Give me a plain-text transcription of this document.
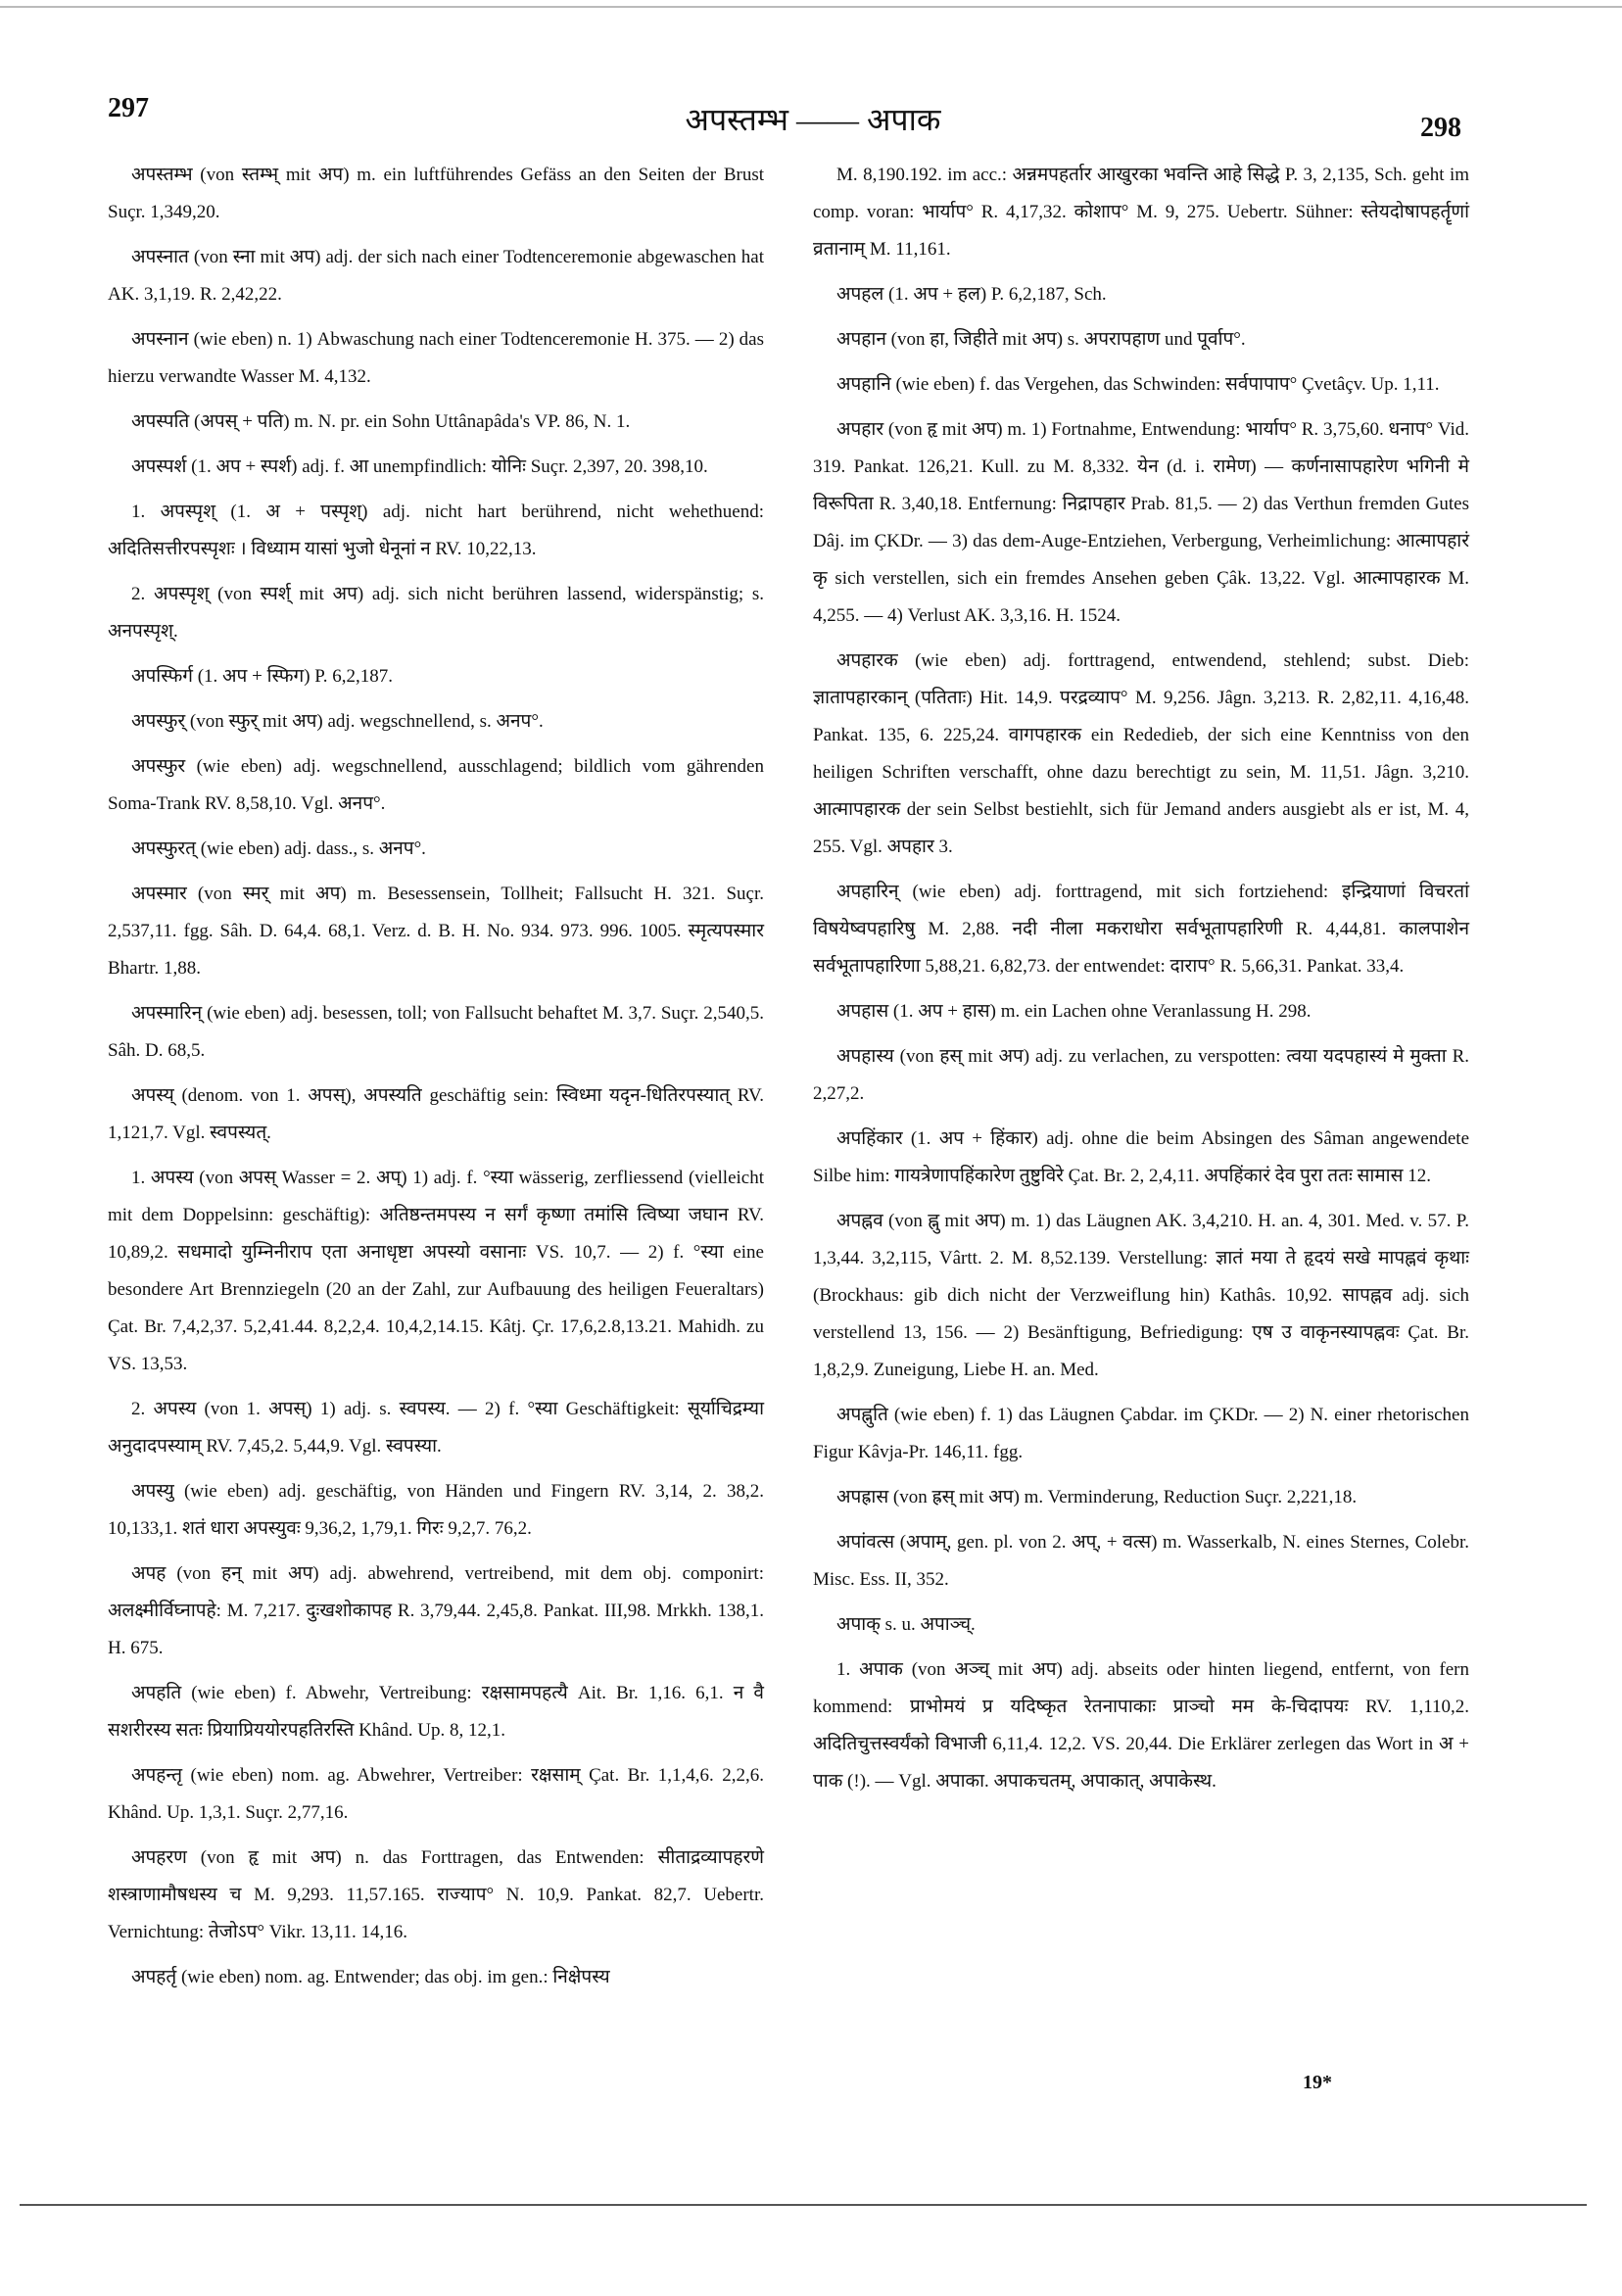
297	अपस्तम्भ —— अपाक	298

अपस्तम्भ (von स्तम्भ् mit अप) m. ein luftführendes Gefäss an den Seiten der Brust Suçr. 1,349,20.

अपस्नात (von स्ना mit अप) adj. der sich nach einer Todtenceremonie abgewaschen hat AK. 3,1,19. R. 2,42,22.

अपस्नान (wie eben) n. 1) Abwaschung nach einer Todtenceremonie H. 375. — 2) das hierzu verwandte Wasser M. 4,132.

अपस्पति (अपस् + पति) m. N. pr. ein Sohn Uttânapâda's VP. 86, N. 1.

अपस्पर्श (1. अप + स्पर्श) adj. f. आ unempfindlich: योनिः Suçr. 2,397, 20. 398,10.

1. अपस्पृश् (1. अ + पस्पृश्) adj. nicht hart berührend, nicht wehethuend: अदितिसत्तीरपस्पृशः । विध्याम यासां भुजो धेनूनां न RV. 10,22,13.

2. अपस्पृश् (von स्पर्श् mit अप) adj. sich nicht berühren lassend, widerspänstig; s. अनपस्पृश्.

अपस्फिर्ग (1. अप + स्फिग) P. 6,2,187.

अपस्फुर् (von स्फुर् mit अप) adj. wegschnellend, s. अनप°.

अपस्फुर (wie eben) adj. wegschnellend, ausschlagend; bildlich vom gährenden Soma-Trank RV. 8,58,10. Vgl. अनप°.

अपस्फुरत् (wie eben) adj. dass., s. अनप°.

अपस्मार (von स्मर् mit अप) m. Besessensein, Tollheit; Fallsucht H. 321. Suçr. 2,537,11. fgg. Sâh. D. 64,4. 68,1. Verz. d. B. H. No. 934. 973. 996. 1005. स्मृत्यपस्मार Bhartr. 1,88.

अपस्मारिन् (wie eben) adj. besessen, toll; von Fallsucht behaftet M. 3,7. Suçr. 2,540,5. Sâh. D. 68,5.

अपस्य् (denom. von 1. अपस्), अपस्यति geschäftig sein: स्विध्मा यदृन-धितिरपस्यात् RV. 1,121,7. Vgl. स्वपस्यत्.

1. अपस्य (von अपस् Wasser = 2. अप्) 1) adj. f. °स्या wässerig, zerfliessend (vielleicht mit dem Doppelsinn: geschäftig): अतिष्ठन्तमपस्य न सर्गं कृष्णा तमांसि त्विष्या जघान RV. 10,89,2. सधमादो युम्निनीराप एता अनाधृष्टा अपस्यो वसानाः VS. 10,7. — 2) f. °स्या eine besondere Art Brennziegeln (20 an der Zahl, zur Aufbauung des heiligen Feueraltars) Çat. Br. 7,4,2,37. 5,2,41.44. 8,2,2,4. 10,4,2,14.15. Kâtj. Çr. 17,6,2.8,13.21. Mahidh. zu VS. 13,53.

2. अपस्य (von 1. अपस्) 1) adj. s. स्वपस्य. — 2) f. °स्या Geschäftigkeit: सूर्याचिद्रम्या अनुदादपस्याम् RV. 7,45,2. 5,44,9. Vgl. स्वपस्या.

अपस्यु (wie eben) adj. geschäftig, von Händen und Fingern RV. 3,14, 2. 38,2. 10,133,1. शतं धारा अपस्युवः 9,36,2, 1,79,1. गिरः 9,2,7. 76,2.

अपह (von हन् mit अप) adj. abwehrend, vertreibend, mit dem obj. componirt: अलक्ष्मीर्विघ्नापहे: M. 7,217. दुःखशोकापह R. 3,79,44. 2,45,8. Pankat. III,98. Mrkkh. 138,1. H. 675.

अपहति (wie eben) f. Abwehr, Vertreibung: रक्षसामपहत्यै Ait. Br. 1,16. 6,1. न वै सशरीरस्य सतः प्रियाप्रिययोरपहतिरस्ति Khând. Up. 8, 12,1.

अपहन्तृ (wie eben) nom. ag. Abwehrer, Vertreiber: रक्षसाम् Çat. Br. 1,1,4,6. 2,2,6. Khând. Up. 1,3,1. Suçr. 2,77,16.

अपहरण (von हृ mit अप) n. das Forttragen, das Entwenden: सीताद्रव्यापहरणे शस्त्राणामौषधस्य च M. 9,293. 11,57.165. राज्याप° N. 10,9. Pankat. 82,7. Uebertr. Vernichtung: तेजोऽप° Vikr. 13,11. 14,16.

अपहर्तृ (wie eben) nom. ag. Entwender; das obj. im gen.: निक्षेपस्य

M. 8,190.192. im acc.: अन्नमपहर्तार आखुरका भवन्ति आहे सिद्धे P. 3, 2,135, Sch. geht im comp. voran: भार्याप° R. 4,17,32. कोशाप° M. 9, 275. Uebertr. Sühner: स्तेयदोषापहर्तॄणां व्रतानाम् M. 11,161.

अपहल (1. अप + हल) P. 6,2,187, Sch.

अपहान (von हा, जिहीते mit अप) s. अपरापहाण und पूर्वाप°.

अपहानि (wie eben) f. das Vergehen, das Schwinden: सर्वपापाप° Çvetâçv. Up. 1,11.

अपहार (von हृ mit अप) m. 1) Fortnahme, Entwendung: भार्याप° R. 3,75,60. धनाप° Vid. 319. Pankat. 126,21. Kull. zu M. 8,332. येन (d. i. रामेण) — कर्णनासापहारेण भगिनी मे विरूपिता R. 3,40,18. Entfernung: निद्रापहार Prab. 81,5. — 2) das Verthun fremden Gutes Dâj. im ÇKDr. — 3) das dem-Auge-Entziehen, Verbergung, Verheimlichung: आत्मापहारं कृ sich verstellen, sich ein fremdes Ansehen geben Çâk. 13,22. Vgl. आत्मापहारक M. 4,255. — 4) Verlust AK. 3,3,16. H. 1524.

अपहारक (wie eben) adj. forttragend, entwendend, stehlend; subst. Dieb: ज्ञातापहारकान् (पतिताः) Hit. 14,9. परद्रव्याप° M. 9,256. Jâgn. 3,213. R. 2,82,11. 4,16,48. Pankat. 135, 6. 225,24. वागपहारक ein Rededieb, der sich eine Kenntniss von den heiligen Schriften verschafft, ohne dazu berechtigt zu sein, M. 11,51. Jâgn. 3,210. आत्मापहारक der sein Selbst bestiehlt, sich für Jemand anders ausgiebt als er ist, M. 4, 255. Vgl. अपहार 3.

अपहारिन् (wie eben) adj. forttragend, mit sich fortziehend: इन्द्रियाणां विचरतां विषयेष्वपहारिषु M. 2,88. नदी नीला मकराधोरा सर्वभूतापहारिणी R. 4,44,81. कालपाशेन सर्वभूतापहारिणा 5,88,21. 6,82,73. der entwendet: दाराप° R. 5,66,31. Pankat. 33,4.

अपहास (1. अप + हास) m. ein Lachen ohne Veranlassung H. 298.

अपहास्य (von हस् mit अप) adj. zu verlachen, zu verspotten: त्वया यदपहास्यं मे मुक्ता R. 2,27,2.

अपहिंकार (1. अप + हिंकार) adj. ohne die beim Absingen des Sâman angewendete Silbe him: गायत्रेणापहिंकारेण तुष्टुविरे Çat. Br. 2, 2,4,11. अपहिंकारं देव पुरा ततः सामास 12.

अपह्नव (von ह्नु mit अप) m. 1) das Läugnen AK. 3,4,210. H. an. 4, 301. Med. v. 57. P. 1,3,44. 3,2,115, Vârtt. 2. M. 8,52.139. Verstellung: ज्ञातं मया ते हृदयं सखे मापह्नवं कृथाः (Brockhaus: gib dich nicht der Verzweiflung hin) Kathâs. 10,92. सापह्नव adj. sich verstellend 13, 156. — 2) Besänftigung, Befriedigung: एष उ वाकृनस्यापह्नवः Çat. Br. 1,8,2,9. Zuneigung, Liebe H. an. Med.

अपह्नुति (wie eben) f. 1) das Läugnen Çabdar. im ÇKDr. — 2) N. einer rhetorischen Figur Kâvja-Pr. 146,11. fgg.

अपह्रास (von ह्रस् mit अप) m. Verminderung, Reduction Suçr. 2,221,18.

अपांवत्स (अपाम्, gen. pl. von 2. अप्, + वत्स) m. Wasserkalb, N. eines Sternes, Colebr. Misc. Ess. II, 352.

अपाक् s. u. अपाञ्च्.

1. अपाक (von अञ्च् mit अप) adj. abseits oder hinten liegend, entfernt, von fern kommend: प्राभोमयं प्र यदिष्कृत रेतनापाकाः प्राञ्चो मम के-चिदापयः RV. 1,110,2. अदितिचुत्तस्वर्यंको विभाजी 6,11,4. 12,2. VS. 20,44. Die Erklärer zerlegen das Wort in अ + पाक (!). — Vgl. अपाका. अपाकचतम्, अपाकात्, अपाकेस्थ.

19*
